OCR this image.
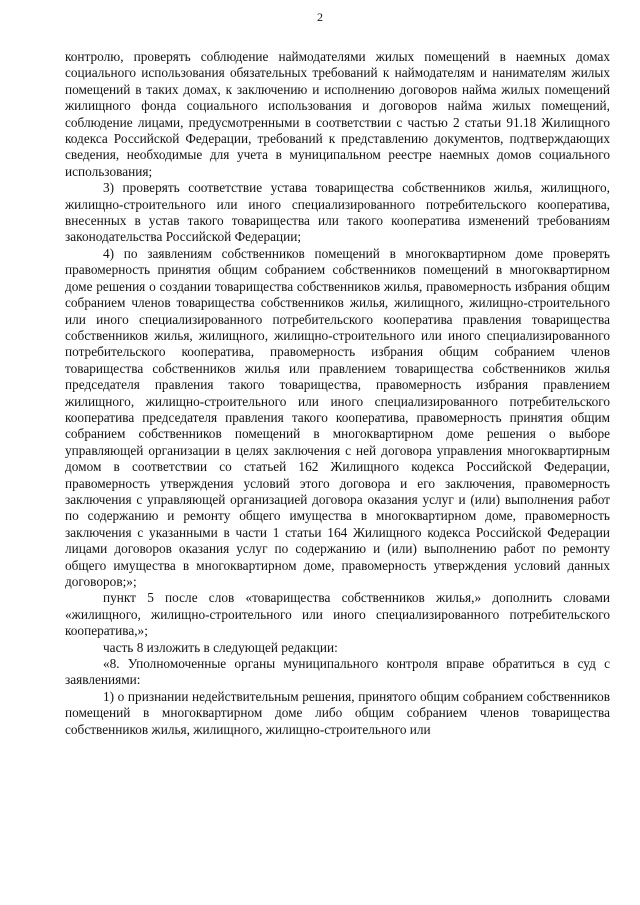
2

контролю, проверять соблюдение наймодателями жилых помещений в наемных домах социального использования обязательных требований к наймодателям и нанимателям жилых помещений в таких домах, к заключению и исполнению договоров найма жилых помещений жилищного фонда социального использования и договоров найма жилых помещений, соблюдение лицами, предусмотренными в соответствии с частью 2 статьи 91.18 Жилищного кодекса Российской Федерации, требований к представлению документов, подтверждающих сведения, необходимые для учета в муниципальном реестре наемных домов социального использования;

3) проверять соответствие устава товарищества собственников жилья, жилищного, жилищно-строительного или иного специализированного потребительского кооператива, внесенных в устав такого товарищества или такого кооператива изменений требованиям законодательства Российской Федерации;

4) по заявлениям собственников помещений в многоквартирном доме проверять правомерность принятия общим собранием собственников помещений в многоквартирном доме решения о создании товарищества собственников жилья, правомерность избрания общим собранием членов товарищества собственников жилья, жилищного, жилищно-строительного или иного специализированного потребительского кооператива правления товарищества собственников жилья, жилищного, жилищно-строительного или иного специализированного потребительского кооператива, правомерность избрания общим собранием членов товарищества собственников жилья или правлением товарищества собственников жилья председателя правления такого товарищества, правомерность избрания правлением жилищного, жилищно-строительного или иного специализированного потребительского кооператива председателя правления такого кооператива, правомерность принятия общим собранием собственников помещений в многоквартирном доме решения о выборе управляющей организации в целях заключения с ней договора управления многоквартирным домом в соответствии со статьей 162 Жилищного кодекса Российской Федерации, правомерность утверждения условий этого договора и его заключения, правомерность заключения с управляющей организацией договора оказания услуг и (или) выполнения работ по содержанию и ремонту общего имущества в многоквартирном доме, правомерность заключения с указанными в части 1 статьи 164 Жилищного кодекса Российской Федерации лицами договоров оказания услуг по содержанию и (или) выполнению работ по ремонту общего имущества в многоквартирном доме, правомерность утверждения условий данных договоров;»;

пункт 5 после слов «товарищества собственников жилья,» дополнить словами «жилищного, жилищно-строительного или иного специализированного потребительского кооператива,»;

часть 8 изложить в следующей редакции:

«8. Уполномоченные органы муниципального контроля вправе обратиться в суд с заявлениями:

1) о признании недействительным решения, принятого общим собранием собственников помещений в многоквартирном доме либо общим собранием членов товарищества собственников жилья, жилищного, жилищно-строительного или
